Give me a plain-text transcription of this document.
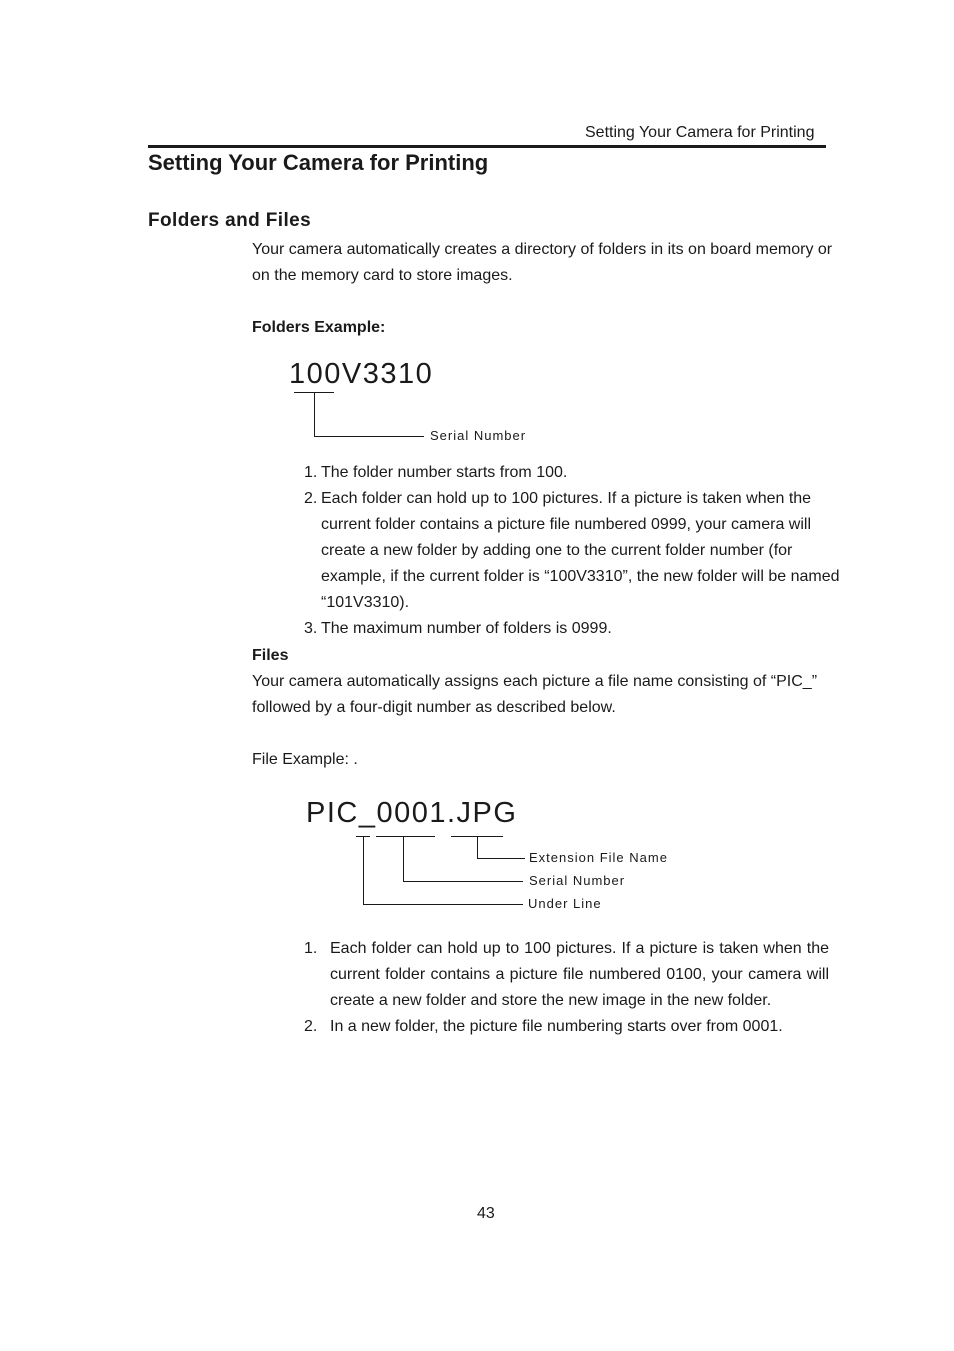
Setting Your Camera for Printing
Setting Your Camera for Printing
Folders and Files
Your camera automatically creates a directory of folders in its on board memory or on the memory card to store images.
Folders Example:
100V3310
Serial Number
1. The folder number starts from 100.
2. Each folder can hold up to 100 pictures. If a picture is taken when the current folder contains a picture file numbered 0999, your camera will create a new folder by adding one to the current folder number (for example, if the current folder is “100V3310”, the new folder will be named “101V3310).
3. The maximum number of folders is 0999.
Files
Your camera automatically assigns each picture a file name consisting of “PIC_” followed by a four-digit number as described below.
File Example: .
PIC_0001.JPG
Extension File Name
Serial Number
Under Line
1. Each folder can hold up to 100 pictures. If a picture is taken when the current folder contains a picture file numbered 0100, your camera will create a new folder and store the new image in the new folder.
2. In a new folder, the picture file numbering starts over from 0001.
43
